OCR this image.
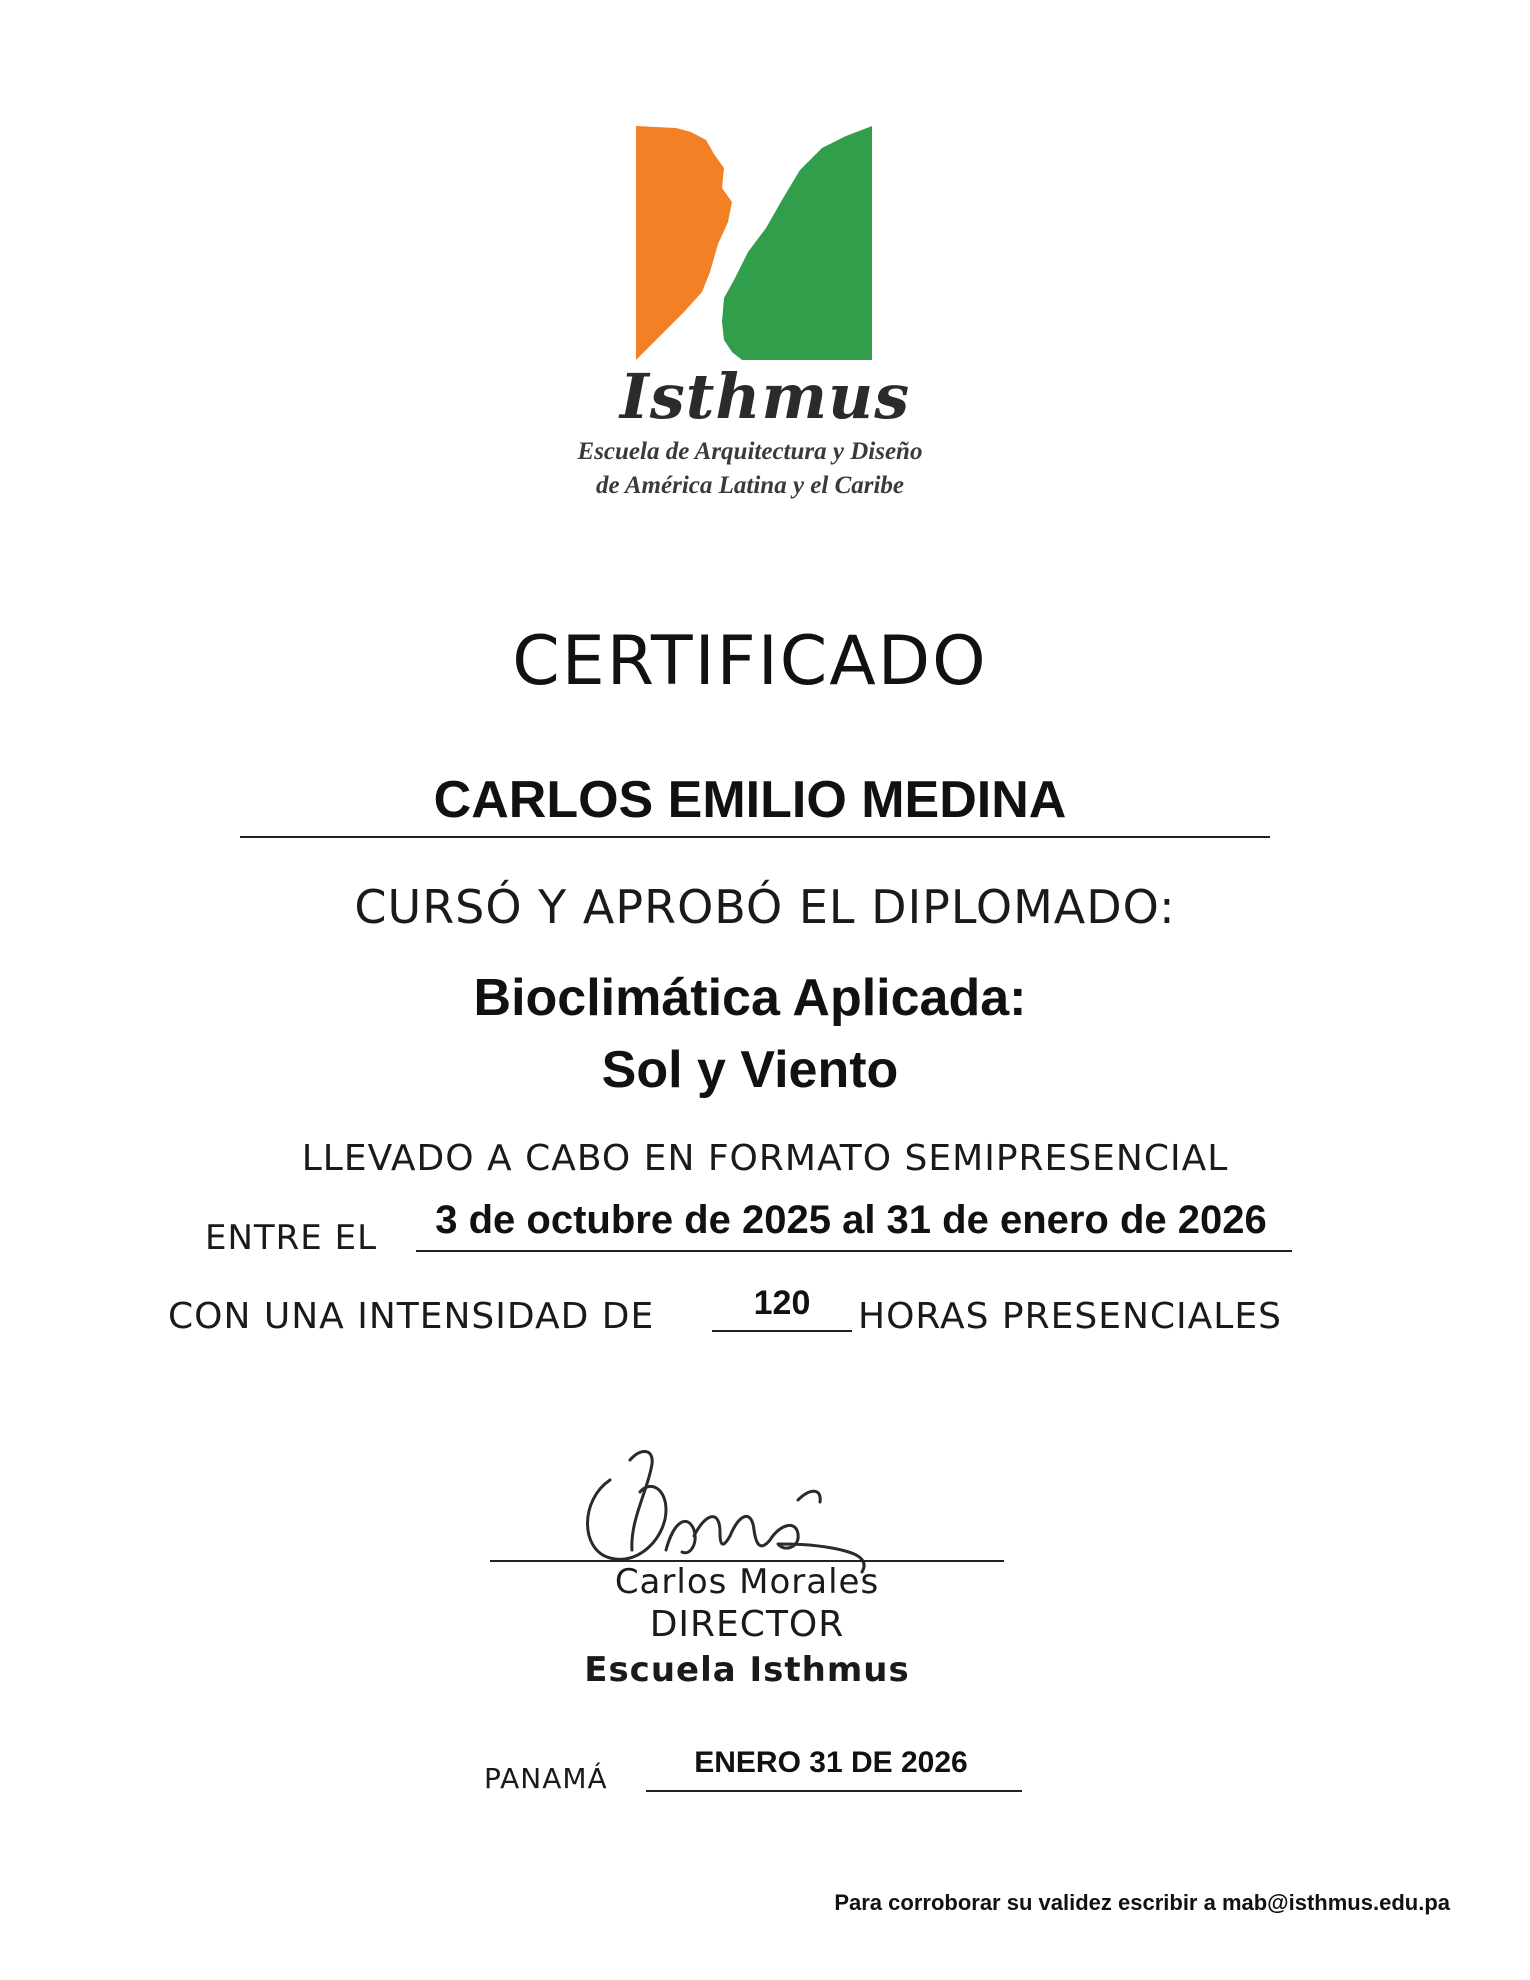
Isthmus
Escuela de Arquitectura y Diseño
de América Latina y el Caribe
CERTIFICADO
CARLOS EMILIO MEDINA
CURSÓ Y APROBÓ EL DIPLOMADO:
Bioclimática Aplicada:
Sol y Viento
LLEVADO A CABO EN FORMATO SEMIPRESENCIAL
ENTRE EL	3 de octubre de 2025 al 31 de enero de 2026
CON UNA INTENSIDAD DE	120	HORAS PRESENCIALES
Carlos Morales
DIRECTOR
Escuela Isthmus
PANAMÁ	ENERO 31 DE 2026
Para corroborar su validez escribir a mab@isthmus.edu.pa
